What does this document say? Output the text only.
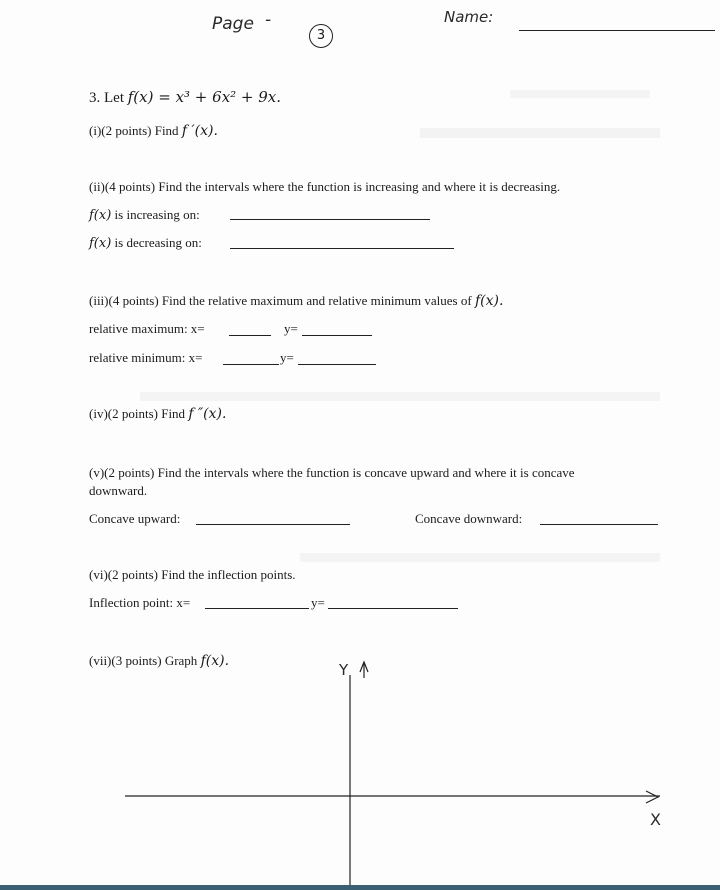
Page -
3
Name:
3. Let f(x) = x³ + 6x² + 9x.
(i)(2 points) Find f ′(x).
(ii)(4 points) Find the intervals where the function is increasing and where it is decreasing.
f(x) is increasing on:
f(x) is decreasing on:
(iii)(4 points) Find the relative maximum and relative minimum values of f(x).
relative maximum: x=	y=
relative minimum: x=	y=
(iv)(2 points) Find f ″(x).
(v)(2 points) Find the intervals where the function is concave upward and where it is concave
downward.
Concave upward:	Concave downward:
(vi)(2 points) Find the inflection points.
Inflection point: x=	y=
(vii)(3 points) Graph f(x).	Y
X
